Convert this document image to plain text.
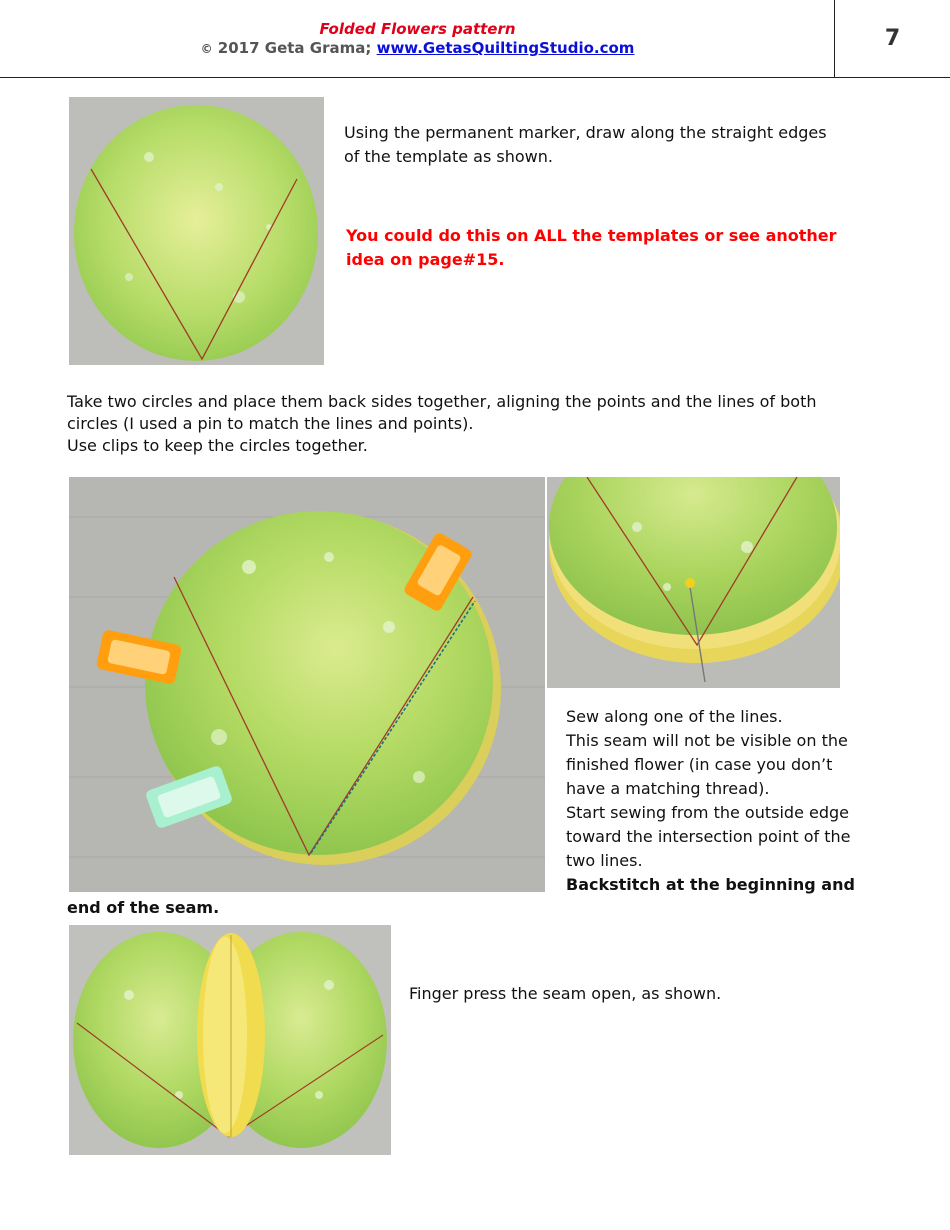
Folded Flowers pattern
© 2017 Geta Grama; www.GetasQuiltingStudio.com	7
Using the permanent marker, draw along the straight edges
of the template as shown.
You could do this on ALL the templates or see another
idea on page#15.
Take two circles and place them back sides together, aligning the points and the lines of both
circles (I used a pin to match the lines and points).
Use clips to keep the circles together.
Sew along one of the lines.
This seam will not be visible on the
finished flower (in case you don’t
have a matching thread).
Start sewing from the outside edge
toward the intersection point of the
two lines.
Backstitch at the beginning and
end of the seam.
Finger press the seam open, as shown.
